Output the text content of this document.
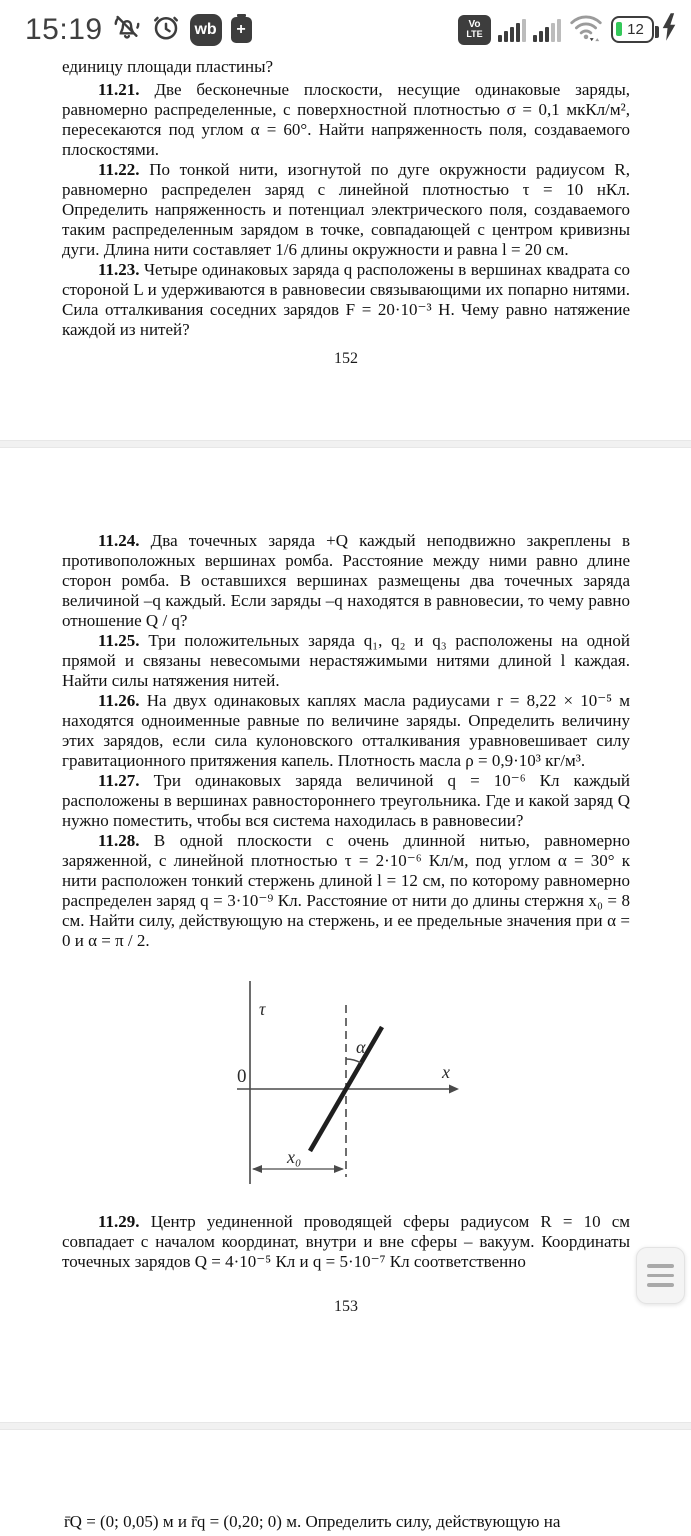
15:19	wb +	Vo
LTE	12

единицу площади пластины?

11.21. Две бесконечные плоскости, несущие одинаковые заряды, равномерно распределенные, с поверхностной плотностью σ = 0,1 мкКл/м², пересекаются под углом α = 60°. Найти напряженность поля, создаваемого плоскостями.

11.22. По тонкой нити, изогнутой по дуге окружности радиусом R, равномерно распределен заряд с линейной плотностью τ = 10 нКл. Определить напряженность и потенциал электрического поля, создаваемого таким распределенным зарядом в точке, совпадающей с центром кривизны дуги. Длина нити составляет 1/6 длины окружности и равна l = 20 см.

11.23. Четыре одинаковых заряда q расположены в вершинах квадрата со стороной L и удерживаются в равновесии связывающими их попарно нитями. Сила отталкивания соседних зарядов F = 20·10⁻³ Н. Чему равно натяжение каждой из нитей?

152

11.24. Два точечных заряда +Q каждый неподвижно закреплены в противоположных вершинах ромба. Расстояние между ними равно длине сторон ромба. В оставшихся вершинах размещены два точечных заряда величиной –q каждый. Если заряды –q находятся в равновесии, то чему равно отношение Q / q?

11.25. Три положительных заряда q₁, q₂ и q₃ расположены на одной прямой и связаны невесомыми нерастяжимыми нитями длиной l каждая. Найти силы натяжения нитей.

11.26. На двух одинаковых каплях масла радиусами r = 8,22 × 10⁻⁵ м находятся одноименные равные по величине заряды. Определить величину этих зарядов, если сила кулоновского отталкивания уравновешивает силу гравитационного притяжения капель. Плотность масла ρ = 0,9·10³ кг/м³.

11.27. Три одинаковых заряда величиной q = 10⁻⁶ Кл каждый расположены в вершинах равностороннего треугольника. Где и какой заряд Q нужно поместить, чтобы вся система находилась в равновесии?

11.28. В одной плоскости с очень длинной нитью, равномерно заряженной, с линейной плотностью τ = 2·10⁻⁶ Кл/м, под углом α = 30° к нити расположен тонкий стержень длиной l = 12 см, по которому равномерно распределен заряд q = 3·10⁻⁹ Кл. Расстояние от нити до длины стержня x₀ = 8 см. Найти силу, действующую на стержень, и ее предельные значения при α = 0 и α = π / 2.

τ
0	x
α
x₀

11.29. Центр уединенной проводящей сферы радиусом R = 10 см совпадает с началом координат, внутри и вне сферы – вакуум. Координаты точечных зарядов Q = 4·10⁻⁵ Кл и q = 5·10⁻⁷ Кл соответственно

153

r̄Q = (0; 0,05) м и r̄q = (0,20; 0) м. Определить силу, действующую на
